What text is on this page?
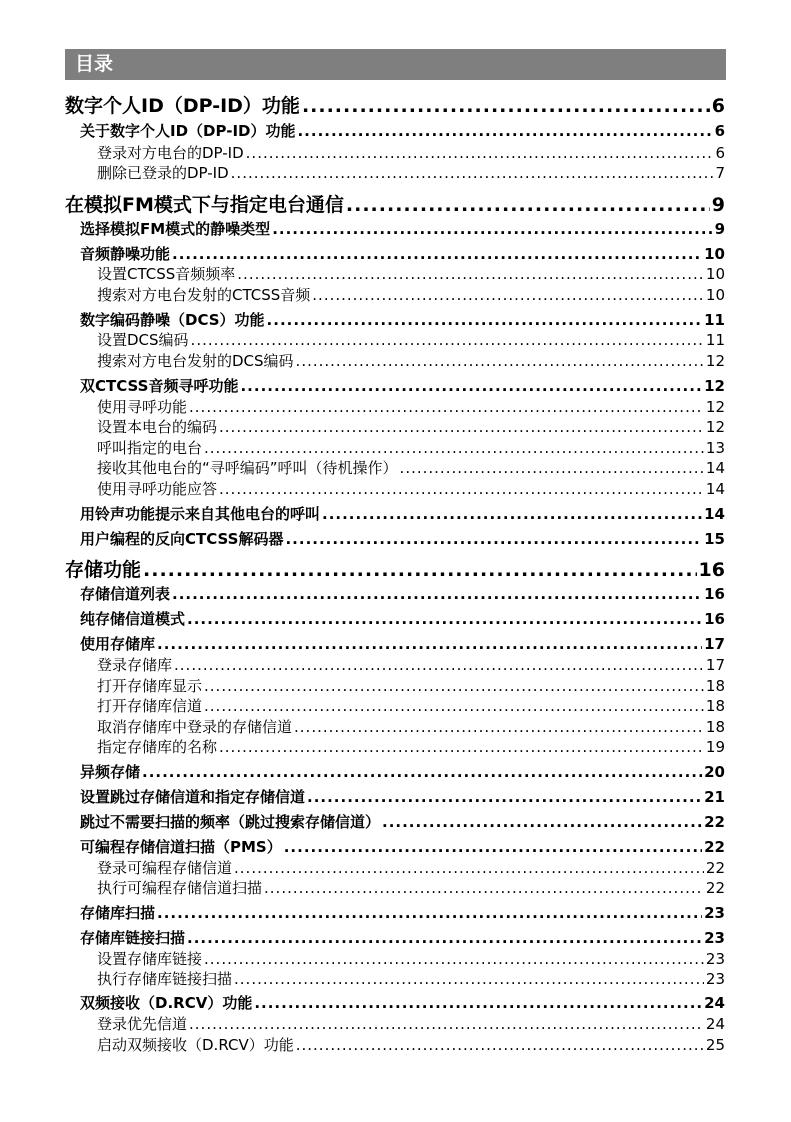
目录
数字个人ID（DP-ID）功能 .....	6
关于数字个人ID（DP-ID）功能 .....	6
登录对方电台的DP-ID .....	6
删除已登录的DP-ID .....	7
在模拟FM模式下与指定电台通信 .....	9
选择模拟FM模式的静噪类型 .....	9
音频静噪功能 .....	10
设置CTCSS音频频率 .....	10
搜索对方电台发射的CTCSS音频 .....	10
数字编码静噪（DCS）功能 .....	11
设置DCS编码 .....	11
搜索对方电台发射的DCS编码 .....	12
双CTCSS音频寻呼功能 .....	12
使用寻呼功能 .....	12
设置本电台的编码 .....	12
呼叫指定的电台 .....	13
接收其他电台的“寻呼编码”呼叫（待机操作） .....	14
使用寻呼功能应答 .....	14
用铃声功能提示来自其他电台的呼叫 .....	14
用户编程的反向CTCSS解码器 .....	15
存储功能 .....	16
存储信道列表 .....	16
纯存储信道模式 .....	16
使用存储库 .....	17
登录存储库 .....	17
打开存储库显示 .....	18
打开存储库信道 .....	18
取消存储库中登录的存储信道 .....	18
指定存储库的名称 .....	19
异频存储 .....	20
设置跳过存储信道和指定存储信道 .....	21
跳过不需要扫描的频率（跳过搜索存储信道） .....	22
可编程存储信道扫描（PMS） .....	22
登录可编程存储信道 .....	22
执行可编程存储信道扫描 .....	22
存储库扫描 .....	23
存储库链接扫描 .....	23
设置存储库链接 .....	23
执行存储库链接扫描 .....	23
双频接收（D.RCV）功能 .....	24
登录优先信道 .....	24
启动双频接收（D.RCV）功能 .....	25
